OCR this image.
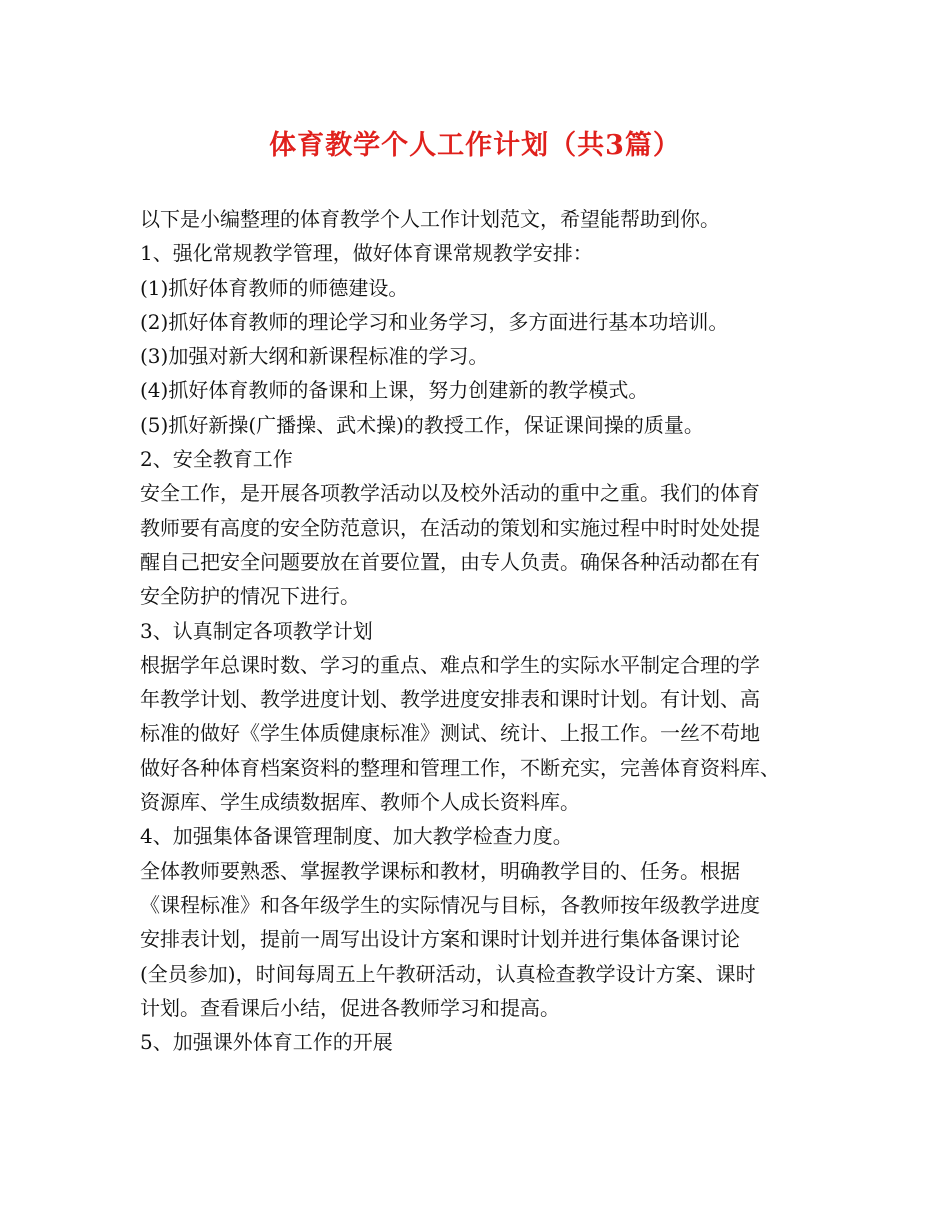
体育教学个人工作计划（共3篇）

以下是小编整理的体育教学个人工作计划范文，希望能帮助到你。

1、强化常规教学管理，做好体育课常规教学安排：

(1)抓好体育教师的师德建设。

(2)抓好体育教师的理论学习和业务学习，多方面进行基本功培训。

(3)加强对新大纲和新课程标准的学习。

(4)抓好体育教师的备课和上课，努力创建新的教学模式。

(5)抓好新操(广播操、武术操)的教授工作，保证课间操的质量。

2、安全教育工作

安全工作，是开展各项教学活动以及校外活动的重中之重。我们的体育

教师要有高度的安全防范意识，在活动的策划和实施过程中时时处处提

醒自己把安全问题要放在首要位置，由专人负责。确保各种活动都在有

安全防护的情况下进行。

3、认真制定各项教学计划

根据学年总课时数、学习的重点、难点和学生的实际水平制定合理的学

年教学计划、教学进度计划、教学进度安排表和课时计划。有计划、高

标准的做好《学生体质健康标准》测试、统计、上报工作。一丝不苟地

做好各种体育档案资料的整理和管理工作，不断充实，完善体育资料库、

资源库、学生成绩数据库、教师个人成长资料库。

4、加强集体备课管理制度、加大教学检查力度。

全体教师要熟悉、掌握教学课标和教材，明确教学目的、任务。根据

《课程标准》和各年级学生的实际情况与目标，各教师按年级教学进度

安排表计划，提前一周写出设计方案和课时计划并进行集体备课讨论

(全员参加)，时间每周五上午教研活动，认真检查教学设计方案、课时

计划。查看课后小结，促进各教师学习和提高。

5、加强课外体育工作的开展
